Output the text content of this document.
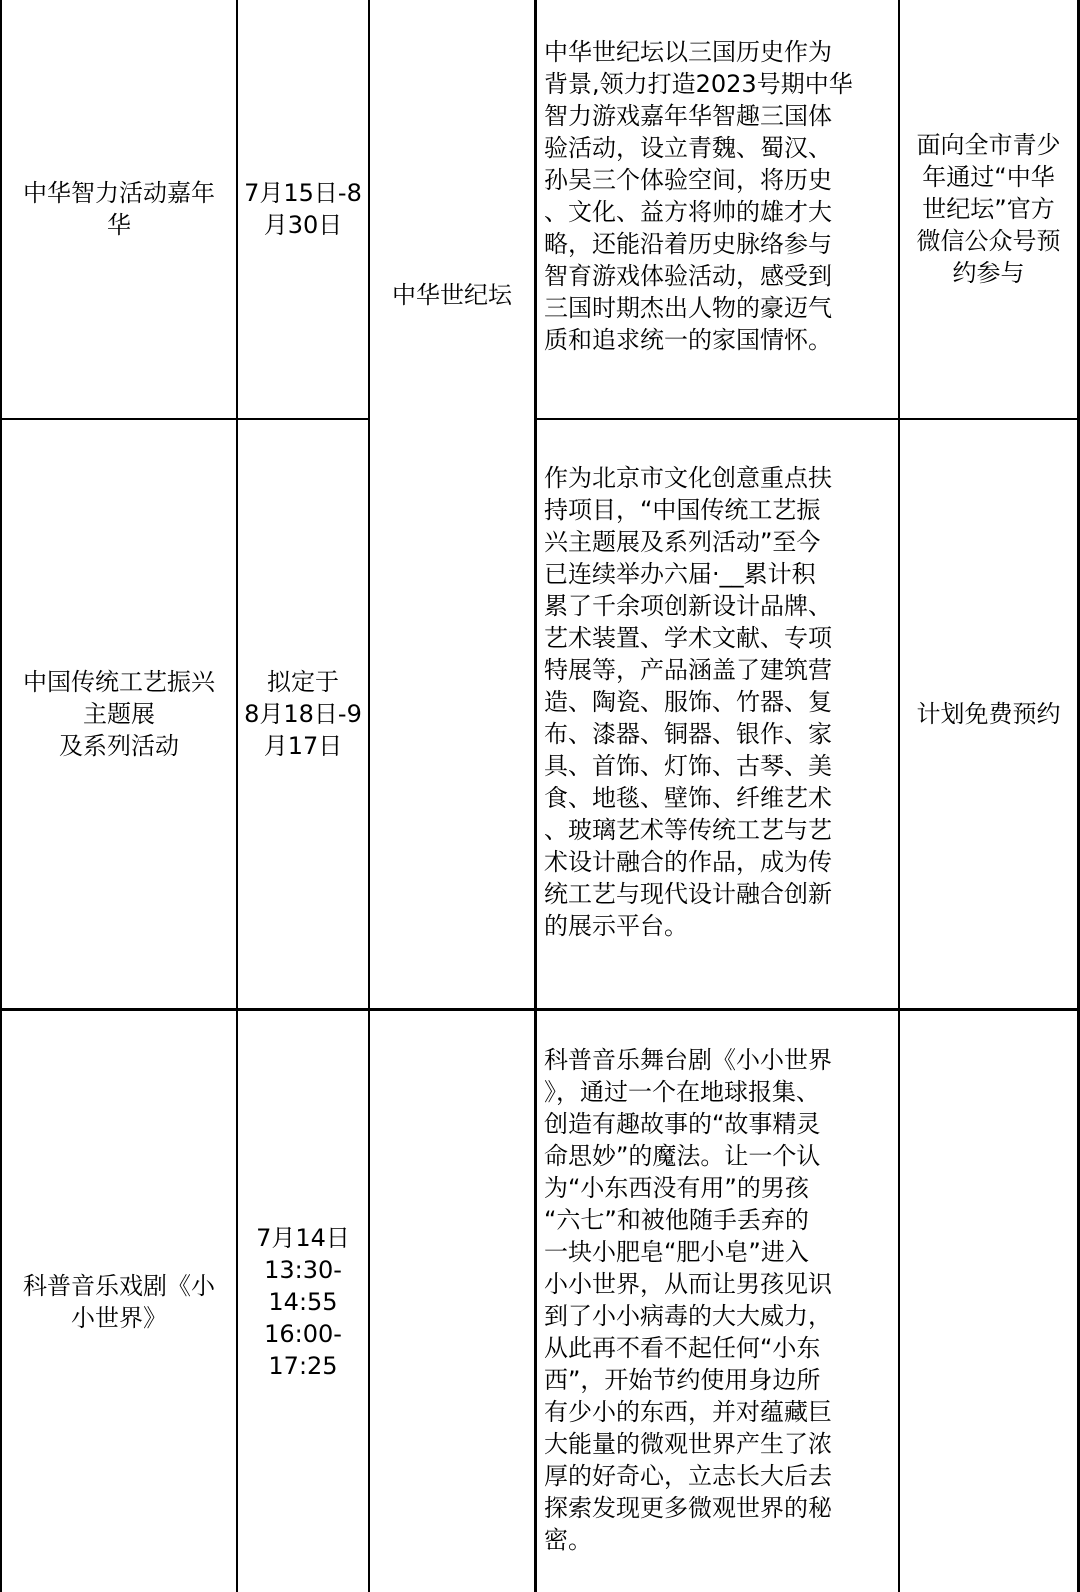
中华智力活动嘉年
华
7月15日-8
月30日
中华世纪坛以三国历史作为
背景,领力打造2023号期中华
智力游戏嘉年华智趣三国体
验活动，设立青魏、蜀汉、
孙吴三个体验空间，将历史
、文化、益方将帅的雄才大
略，还能沿着历史脉络参与
智育游戏体验活动，感受到
三国时期杰出人物的豪迈气
质和追求统一的家国情怀。
面向全市青少
年通过“中华
世纪坛”官方
微信公众号预
约参与
中华世纪坛
中国传统工艺振兴
主题展
及系列活动
拟定于
8月18日-9
月17日
作为北京市文化创意重点扶
持项目，“中国传统工艺振
兴主题展及系列活动”至今
已连续举办六届·__累计积
累了千余项创新设计品牌、
艺术装置、学术文献、专项
特展等，产品涵盖了建筑营
造、陶瓷、服饰、竹器、复
布、漆器、铜器、银作、家
具、首饰、灯饰、古琴、美
食、地毯、壁饰、纤维艺术
、玻璃艺术等传统工艺与艺
术设计融合的作品，成为传
统工艺与现代设计融合创新
的展示平台。
计划免费预约
科普音乐戏剧《小
小世界》
7月14日
13:30-
14:55
16:00-
17:25
科普音乐舞台剧《小小世界
》，通过一个在地球报集、
创造有趣故事的“故事精灵
命思妙”的魔法。让一个认
为“小东西没有用”的男孩
“六七”和被他随手丢弃的
一块小肥皂“肥小皂”进入
小小世界，从而让男孩见识
到了小小病毒的大大威力，
从此再不看不起任何“小东
西”，开始节约使用身边所
有少小的东西，并对蕴藏巨
大能量的微观世界产生了浓
厚的好奇心，立志长大后去
探索发现更多微观世界的秘
密。
